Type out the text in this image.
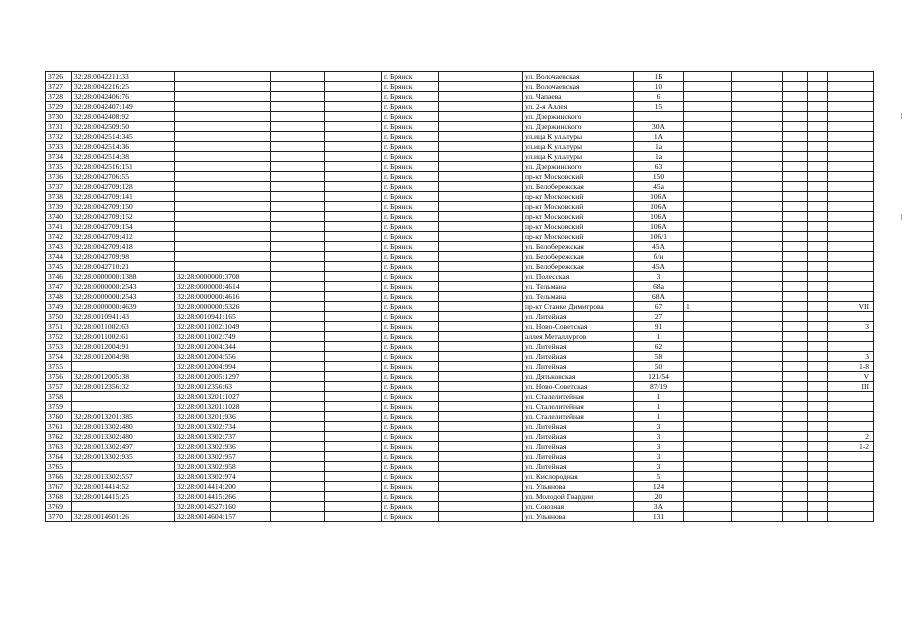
3726	32:28:0042211:33				г. Брянск		ул. Волочаевская	1Б					
3727	32:28:0042216:25				г. Брянск		ул. Волочаевская	10					
3728	32:28:0042406:76				г. Брянск		ул. Чапаева	6					
3729	32:28:0042407:149				г. Брянск		ул. 2-я Аллея	15					
3730	32:28:0042408:92				г. Брянск		ул. Дзержинского						
3731	32:28:0042509:50				г. Брянск		ул. Дзержинского	30А					
3732	32:28:0042514:345				г. Брянск		ул.ица К ул.ьтуры	1А					
3733	32:28:0042514:36				г. Брянск		ул.ица К ул.ьтуры	1а					
3734	32:28:0042514:38				г. Брянск		ул.ица К ул.ьтуры	1а					
3735	32:28:0042516:151				г. Брянск		ул. Дзержинского	63					
3736	32:28:0042706:55				г. Брянск		пр-кт Московский	150					
3737	32:28:0042709:128				г. Брянск		ул. Белобережская	45а					
3738	32:28:0042709:141				г. Брянск		пр-кт Московский	106А					
3739	32:28:0042709:150				г. Брянск		пр-кт Московский	106А					
3740	32:28:0042709:152				г. Брянск		пр-кт Московский	106А					
3741	32:28:0042709:154				г. Брянск		пр-кт Московский	106А					
3742	32:28:0042709:412				г. Брянск		пр-кт Московский	106/1					
3743	32:28:0042709:418				г. Брянск		ул. Белобережская	45А					
3744	32:28:0042709:98				г. Брянск		ул. Белобережская	б/н					
3745	32:28:0042710:21				г. Брянск		ул. Белобережская	45А					
3746	32:28:0000000:1388	32:28:0000000:3708			г. Брянск		ул. Полесская	3					
3747	32:28:0000000:2543	32:28:0000000:4614			г. Брянск		ул. Тельмана	68а					
3748	32:28:0000000:2543	32:28:0000000:4616			г. Брянск		ул. Тельмана	68А					
3749	32:28:0000000:4639	32:28:0000000:5326			г. Брянск		пр-кт Станке Димитрова	67	1				VII
3750	32:28:0010941:43	32:28:0010941:165			г. Брянск		ул. Литейная	27					
3751	32:28:0011002:63	32:28:0011002:1049			г. Брянск		ул. Ново-Советская	91					3
3752	32:28:0011002:61	32:28:0011002:749			г. Брянск		аллея Металлургов	1					
3753	32:28:0012004:91	32:28:0012004:344			г. Брянск		ул. Литейная	62					
3754	32:28:0012004:98	32:28:0012004:556			г. Брянск		ул. Литейная	58					3
3755		32:28:0012004:994			г. Брянск		ул. Литейная	50					1-8
3756	32:28:0012005:38	32:28:0012005:1297			г. Брянск		ул. Дятьковская	121/54					V
3757	32:28:0012356:32	32:28:0012356:63			г. Брянск		ул. Ново-Советская	87/19					III
3758		32:28:0013201:1027			г. Брянск		ул. Сталелитейная	1					
3759		32:28:0013201:1028			г. Брянск		ул. Сталелитейная	1					
3760	32:28:0013201:385	32:28:0013201:936			г. Брянск		ул. Сталелитейная	1					
3761	32:28:0013302:480	32:28:0013302:734			г. Брянск		ул. Литейная	3					
3762	32:28:0013302:480	32:28:0013302:737			г. Брянск		ул. Литейная	3					2
3763	32:28:0013302:497	32:28:0013302:936			г. Брянск		ул. Литейная	3					1-2
3764	32:28:0013302:935	32:28:0013302:957			г. Брянск		ул. Литейная	3					
3765		32:28:0013302:958			г. Брянск		ул. Литейная	3					
3766	32:28:0013302:557	32:28:0013302:974			г. Брянск		ул. Кислородная	5					
3767	32:28:0014414:52	32:28:0014414:200			г. Брянск		ул. Ульянова	124					
3768	32:28:0014415:25	32:28:0014415:266			г. Брянск		ул. Молодой Гвардии	20					
3769		32:28:0014527:160			г. Брянск		ул. Союзная	3А					
3770	32:28:0014601:26	32:28:0014604:157			г. Брянск		ул. Ульянова	131					
